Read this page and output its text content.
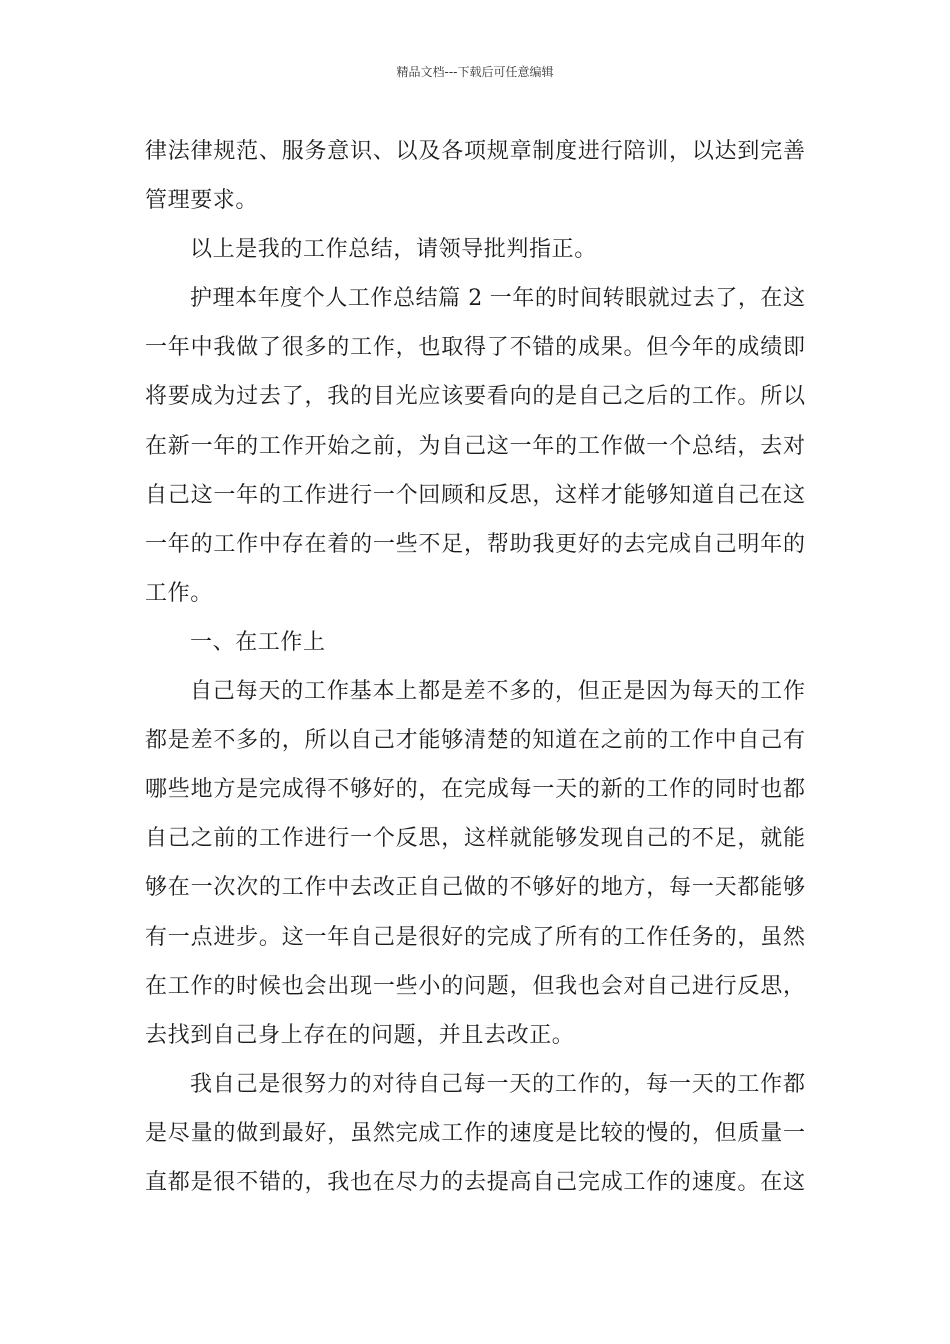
精品文档---下载后可任意编辑
律法律规范、服务意识、以及各项规章制度进行陪训，以达到完善
管理要求。
以上是我的工作总结，请领导批判指正。
护理本年度个人工作总结篇 2 一年的时间转眼就过去了，在这
一年中我做了很多的工作，也取得了不错的成果。但今年的成绩即
将要成为过去了，我的目光应该要看向的是自己之后的工作。所以
在新一年的工作开始之前，为自己这一年的工作做一个总结，去对
自己这一年的工作进行一个回顾和反思，这样才能够知道自己在这
一年的工作中存在着的一些不足，帮助我更好的去完成自己明年的
工作。
一、在工作上
自己每天的工作基本上都是差不多的，但正是因为每天的工作
都是差不多的，所以自己才能够清楚的知道在之前的工作中自己有
哪些地方是完成得不够好的，在完成每一天的新的工作的同时也都
自己之前的工作进行一个反思，这样就能够发现自己的不足，就能
够在一次次的工作中去改正自己做的不够好的地方，每一天都能够
有一点进步。这一年自己是很好的完成了所有的工作任务的，虽然
在工作的时候也会出现一些小的问题，但我也会对自己进行反思，
去找到自己身上存在的问题，并且去改正。
我自己是很努力的对待自己每一天的工作的，每一天的工作都
是尽量的做到最好，虽然完成工作的速度是比较的慢的，但质量一
直都是很不错的，我也在尽力的去提高自己完成工作的速度。在这
